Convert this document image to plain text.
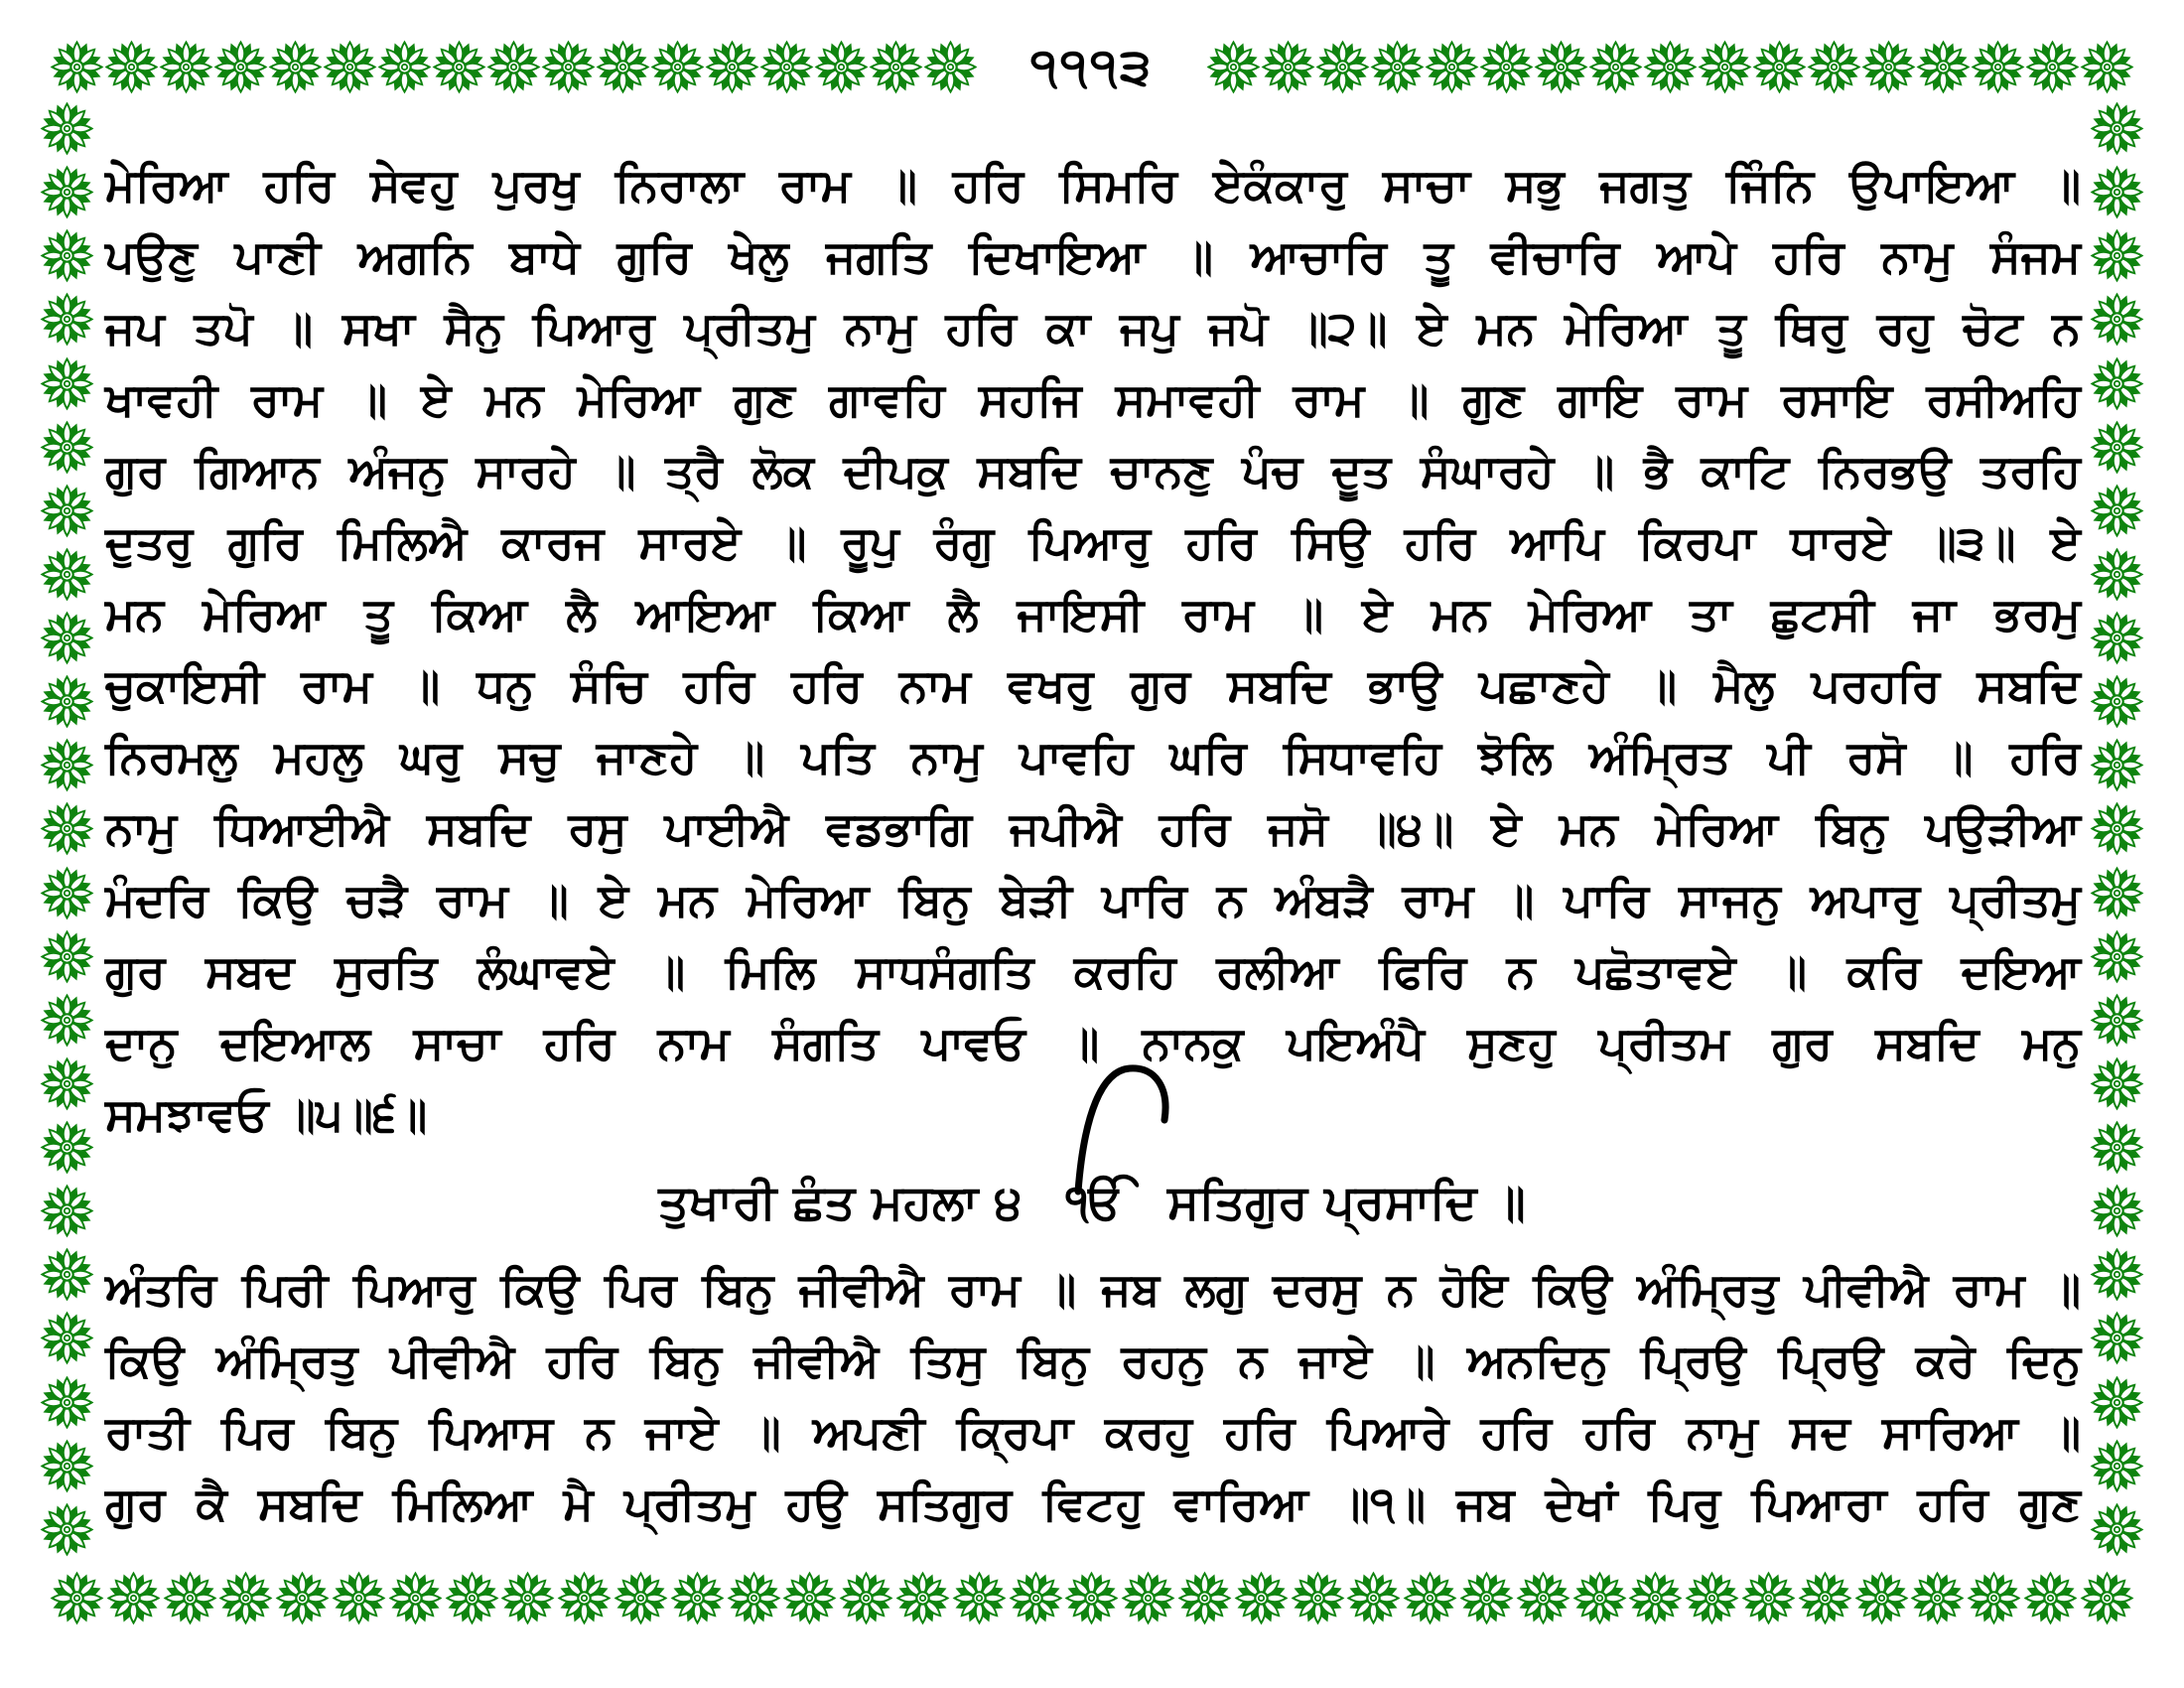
੧੧੧੩
ਮੇਰਿਆ ਹਰਿ ਸੇਵਹੁ ਪੁਰਖੁ ਨਿਰਾਲਾ ਰਾਮ ॥ ਹਰਿ ਸਿਮਰਿ ਏਕੰਕਾਰੁ ਸਾਚਾ ਸਭੁ ਜਗਤੁ ਜਿੰਨਿ ਉਪਾਇਆ ॥
ਪਉਣੁ ਪਾਣੀ ਅਗਨਿ ਬਾਧੇ ਗੁਰਿ ਖੇਲੁ ਜਗਤਿ ਦਿਖਾਇਆ ॥ ਆਚਾਰਿ ਤੂ ਵੀਚਾਰਿ ਆਪੇ ਹਰਿ ਨਾਮੁ ਸੰਜਮ
ਜਪ ਤਪੋ ॥ ਸਖਾ ਸੈਨੁ ਪਿਆਰੁ ਪ੍ਰੀਤਮੁ ਨਾਮੁ ਹਰਿ ਕਾ ਜਪੁ ਜਪੋ ॥੨॥ ਏ ਮਨ ਮੇਰਿਆ ਤੂ ਥਿਰੁ ਰਹੁ ਚੋਟ ਨ
ਖਾਵਹੀ ਰਾਮ ॥ ਏ ਮਨ ਮੇਰਿਆ ਗੁਣ ਗਾਵਹਿ ਸਹਜਿ ਸਮਾਵਹੀ ਰਾਮ ॥ ਗੁਣ ਗਾਇ ਰਾਮ ਰਸਾਇ ਰਸੀਅਹਿ
ਗੁਰ ਗਿਆਨ ਅੰਜਨੁ ਸਾਰਹੇ ॥ ਤ੍ਰੈ ਲੋਕ ਦੀਪਕੁ ਸਬਦਿ ਚਾਨਣੁ ਪੰਚ ਦੂਤ ਸੰਘਾਰਹੇ ॥ ਭੈ ਕਾਟਿ ਨਿਰਭਉ ਤਰਹਿ
ਦੁਤਰੁ ਗੁਰਿ ਮਿਲਿਐ ਕਾਰਜ ਸਾਰਏ ॥ ਰੂਪੁ ਰੰਗੁ ਪਿਆਰੁ ਹਰਿ ਸਿਉ ਹਰਿ ਆਪਿ ਕਿਰਪਾ ਧਾਰਏ ॥੩॥ ਏ
ਮਨ ਮੇਰਿਆ ਤੂ ਕਿਆ ਲੈ ਆਇਆ ਕਿਆ ਲੈ ਜਾਇਸੀ ਰਾਮ ॥ ਏ ਮਨ ਮੇਰਿਆ ਤਾ ਛੁਟਸੀ ਜਾ ਭਰਮੁ
ਚੁਕਾਇਸੀ ਰਾਮ ॥ ਧਨੁ ਸੰਚਿ ਹਰਿ ਹਰਿ ਨਾਮ ਵਖਰੁ ਗੁਰ ਸਬਦਿ ਭਾਉ ਪਛਾਣਹੇ ॥ ਮੈਲੁ ਪਰਹਰਿ ਸਬਦਿ
ਨਿਰਮਲੁ ਮਹਲੁ ਘਰੁ ਸਚੁ ਜਾਣਹੇ ॥ ਪਤਿ ਨਾਮੁ ਪਾਵਹਿ ਘਰਿ ਸਿਧਾਵਹਿ ਝੋਲਿ ਅੰਮ੍ਰਿਤ ਪੀ ਰਸੋ ॥ ਹਰਿ
ਨਾਮੁ ਧਿਆਈਐ ਸਬਦਿ ਰਸੁ ਪਾਈਐ ਵਡਭਾਗਿ ਜਪੀਐ ਹਰਿ ਜਸੋ ॥੪॥ ਏ ਮਨ ਮੇਰਿਆ ਬਿਨੁ ਪਉੜੀਆ
ਮੰਦਰਿ ਕਿਉ ਚੜੈ ਰਾਮ ॥ ਏ ਮਨ ਮੇਰਿਆ ਬਿਨੁ ਬੇੜੀ ਪਾਰਿ ਨ ਅੰਬੜੈ ਰਾਮ ॥ ਪਾਰਿ ਸਾਜਨੁ ਅਪਾਰੁ ਪ੍ਰੀਤਮੁ
ਗੁਰ ਸਬਦ ਸੁਰਤਿ ਲੰਘਾਵਏ ॥ ਮਿਲਿ ਸਾਧਸੰਗਤਿ ਕਰਹਿ ਰਲੀਆ ਫਿਰਿ ਨ ਪਛੋਤਾਵਏ ॥ ਕਰਿ ਦਇਆ
ਦਾਨੁ ਦਇਆਲ ਸਾਚਾ ਹਰਿ ਨਾਮ ਸੰਗਤਿ ਪਾਵਓ ॥ ਨਾਨਕੁ ਪਇਅੰਪੈ ਸੁਣਹੁ ਪ੍ਰੀਤਮ ਗੁਰ ਸਬਦਿ ਮਨੁ
ਸਮਝਾਵਓ ॥੫॥੬॥
ਤੁਖਾਰੀ ਛੰਤ ਮਹਲਾ ੪ ੴ ਸਤਿਗੁਰ ਪ੍ਰਸਾਦਿ ॥
ਅੰਤਰਿ ਪਿਰੀ ਪਿਆਰੁ ਕਿਉ ਪਿਰ ਬਿਨੁ ਜੀਵੀਐ ਰਾਮ ॥ ਜਬ ਲਗੁ ਦਰਸੁ ਨ ਹੋਇ ਕਿਉ ਅੰਮ੍ਰਿਤੁ ਪੀਵੀਐ ਰਾਮ ॥
ਕਿਉ ਅੰਮ੍ਰਿਤੁ ਪੀਵੀਐ ਹਰਿ ਬਿਨੁ ਜੀਵੀਐ ਤਿਸੁ ਬਿਨੁ ਰਹਨੁ ਨ ਜਾਏ ॥ ਅਨਦਿਨੁ ਪ੍ਰਿਉ ਪ੍ਰਿਉ ਕਰੇ ਦਿਨੁ
ਰਾਤੀ ਪਿਰ ਬਿਨੁ ਪਿਆਸ ਨ ਜਾਏ ॥ ਅਪਣੀ ਕ੍ਰਿਪਾ ਕਰਹੁ ਹਰਿ ਪਿਆਰੇ ਹਰਿ ਹਰਿ ਨਾਮੁ ਸਦ ਸਾਰਿਆ ॥
ਗੁਰ ਕੈ ਸਬਦਿ ਮਿਲਿਆ ਮੈ ਪ੍ਰੀਤਮੁ ਹਉ ਸਤਿਗੁਰ ਵਿਟਹੁ ਵਾਰਿਆ ॥੧॥ ਜਬ ਦੇਖਾਂ ਪਿਰੁ ਪਿਆਰਾ ਹਰਿ ਗੁਣ
